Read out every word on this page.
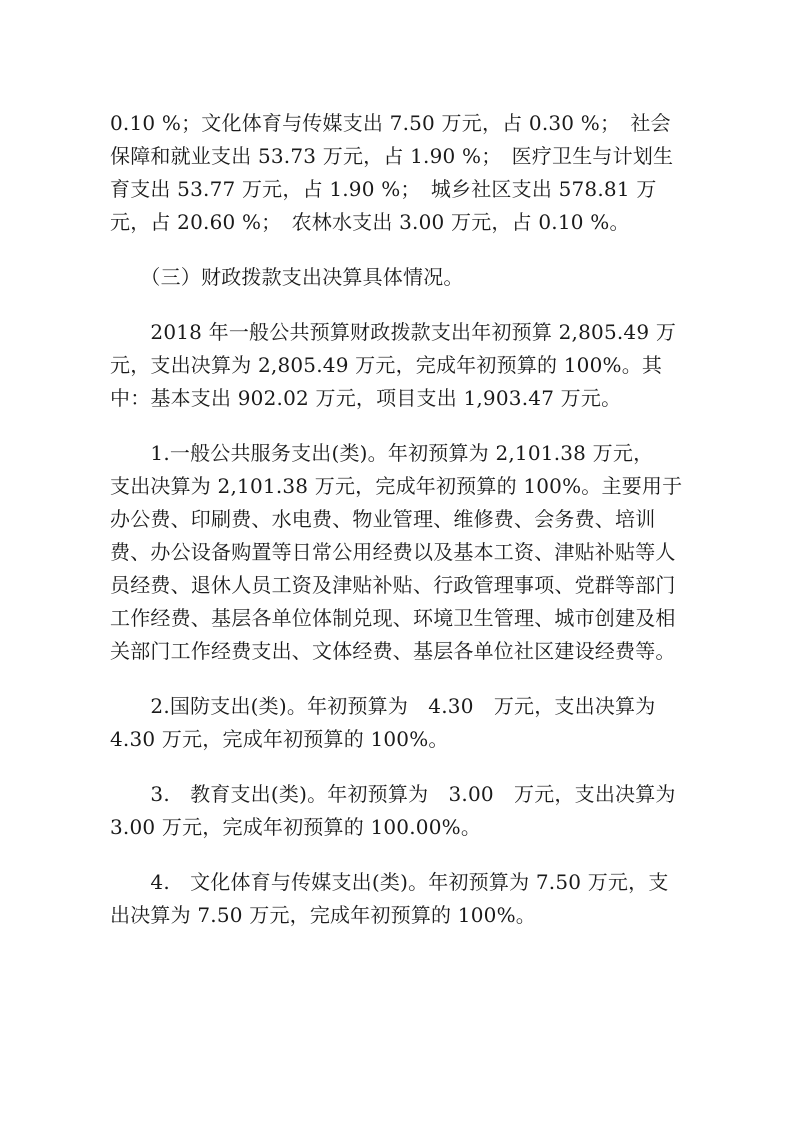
0.10 %；文化体育与传媒支出 7.50 万元，占 0.30 %；　社会
保障和就业支出 53.73 万元，占 1.90 %；　医疗卫生与计划生
育支出 53.77 万元，占 1.90 %；　城乡社区支出 578.81 万
元，占 20.60 %；　农林水支出 3.00 万元，占 0.10 %。

　　（三）财政拨款支出决算具体情况。

　　2018 年一般公共预算财政拨款支出年初预算 2,805.49 万
元，支出决算为 2,805.49 万元，完成年初预算的 100%。其
中：基本支出 902.02 万元，项目支出 1,903.47 万元。

　　1.一般公共服务支出(类)。年初预算为 2,101.38 万元，
支出决算为 2,101.38 万元，完成年初预算的 100%。主要用于
办公费、印刷费、水电费、物业管理、维修费、会务费、培训
费、办公设备购置等日常公用经费以及基本工资、津贴补贴等人
员经费、退休人员工资及津贴补贴、行政管理事项、党群等部门
工作经费、基层各单位体制兑现、环境卫生管理、城市创建及相
关部门工作经费支出、文体经费、基层各单位社区建设经费等。

　　2.国防支出(类)。年初预算为　4.30　万元，支出决算为
4.30 万元，完成年初预算的 100%。

　　3.　教育支出(类)。年初预算为　3.00　万元，支出决算为
3.00 万元，完成年初预算的 100.00%。

　　4.　文化体育与传媒支出(类)。年初预算为 7.50 万元，支
出决算为 7.50 万元，完成年初预算的 100%。
